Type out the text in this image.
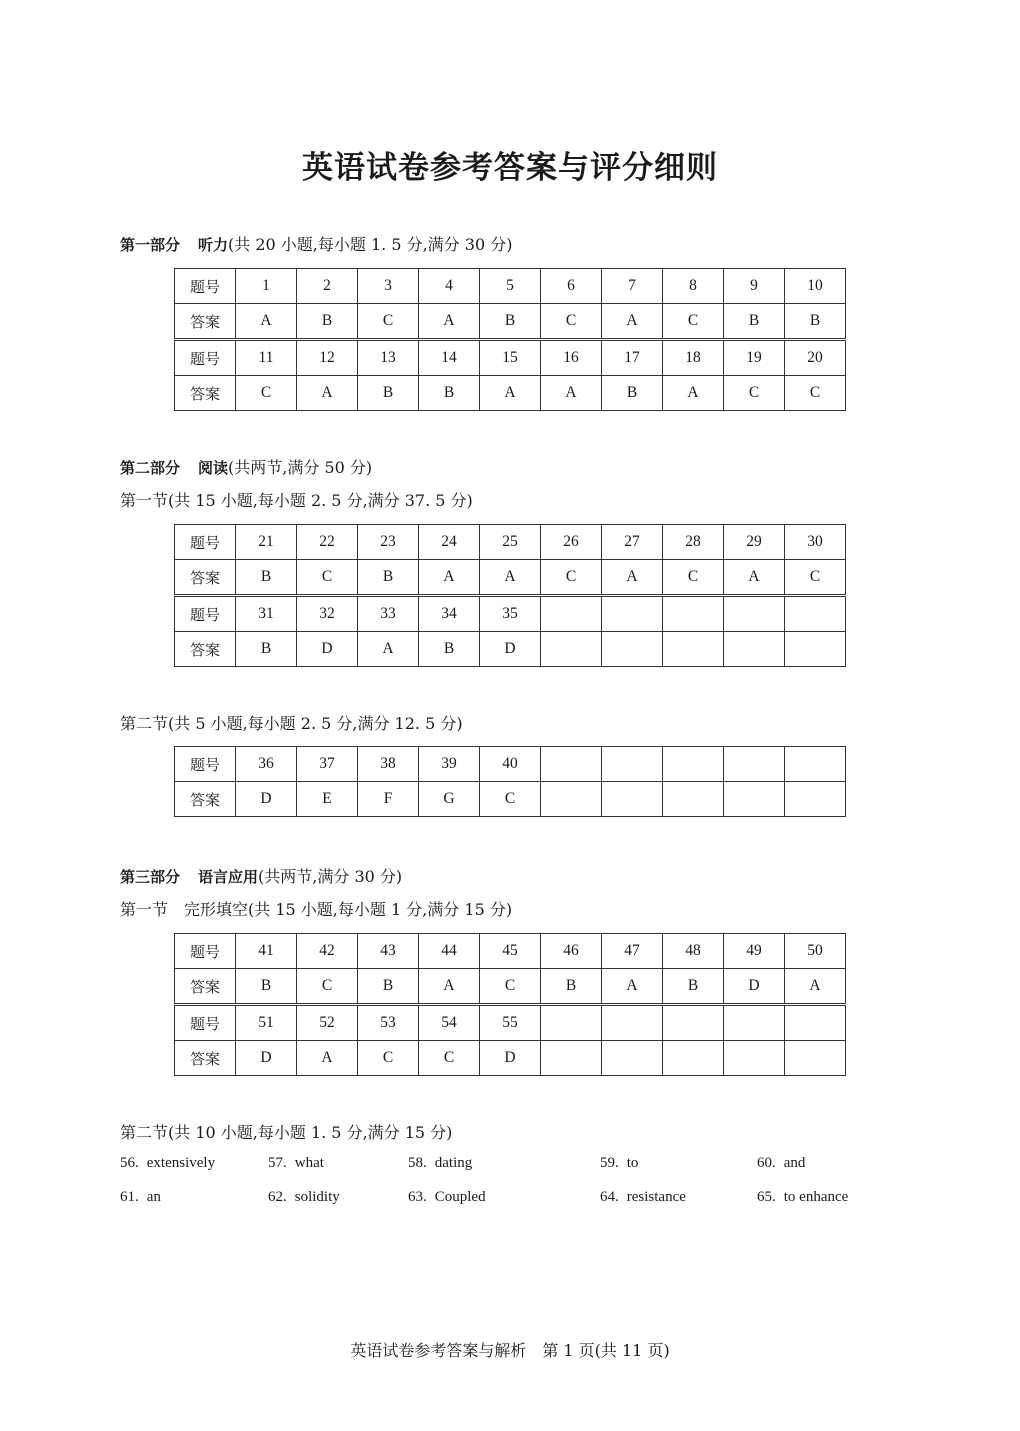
英语试卷参考答案与评分细则
第一部分 听力(共 20 小题,每小题 1. 5 分,满分 30 分)
题号	1	2	3	4	5	6	7	8	9	10
答案	A	B	C	A	B	C	A	C	B	B
题号	11	12	13	14	15	16	17	18	19	20
答案	C	A	B	B	A	A	B	A	C	C
第二部分 阅读(共两节,满分 50 分)
第一节(共 15 小题,每小题 2. 5 分,满分 37. 5 分)
题号	21	22	23	24	25	26	27	28	29	30
答案	B	C	B	A	A	C	A	C	A	C
题号	31	32	33	34	35					
答案	B	D	A	B	D					
第二节(共 5 小题,每小题 2. 5 分,满分 12. 5 分)
题号	36	37	38	39	40					
答案	D	E	F	G	C					
第三部分 语言应用(共两节,满分 30 分)
第一节　完形填空(共 15 小题,每小题 1 分,满分 15 分)
题号	41	42	43	44	45	46	47	48	49	50
答案	B	C	B	A	C	B	A	B	D	A
题号	51	52	53	54	55					
答案	D	A	C	C	D					
第二节(共 10 小题,每小题 1. 5 分,满分 15 分)
56. extensively	57. what	58. dating	59. to	60. and
61. an	62. solidity	63. Coupled	64. resistance	65. to enhance
英语试卷参考答案与解析　第 1 页(共 11 页)
